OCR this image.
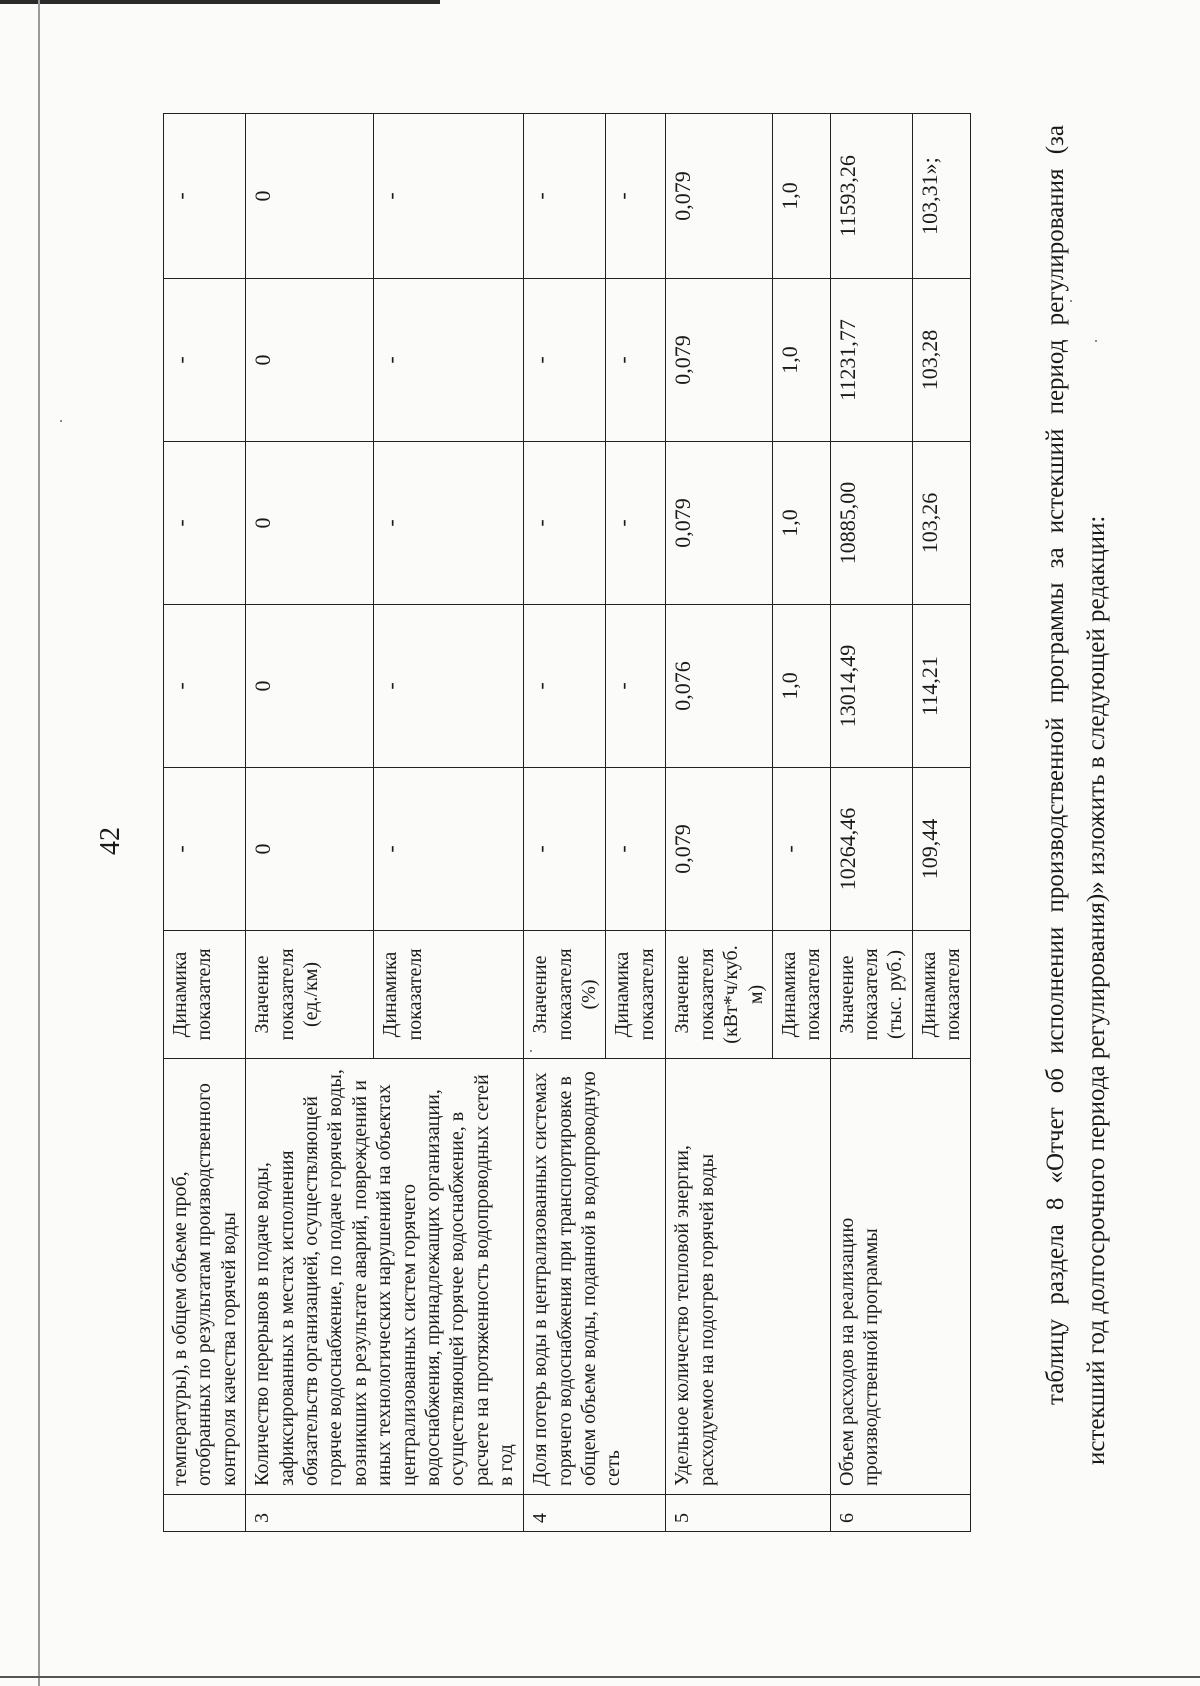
42
	температуры), в общем объеме проб, отобранных по результатам производственного контроля качества горячей воды	Динамика показателя	-	-	-	-	-
3	Количество перерывов в подаче воды, зафиксированных в местах исполнения обязательств организацией, осуществляющей горячее водоснабжение, по подаче горячей воды, возникших в результате аварий, повреждений и иных технологических нарушений на объектах централизованных систем горячего водоснабжения, принадлежащих организации, осуществляющей горячее водоснабжение, в расчете на протяженность водопроводных сетей в год	Значение показателя (ед./км)	0	0	0	0	0
		Динамика показателя	-	-	-	-	-
4	Доля потерь воды в централизованных системах горячего водоснабжения при транспортировке в общем объеме воды, поданной в водопроводную сеть	Значение показателя (%)	-	-	-	-	-
		Динамика показателя	-	-	-	-	-
5	Удельное количество тепловой энергии, расходуемое на подогрев горячей воды	Значение показателя (кВт*ч/куб. м)	0,079	0,076	0,079	0,079	0,079
		Динамика показателя	-	1,0	1,0	1,0	1,0
6	Объем расходов на реализацию производственной программы	Значение показателя (тыс. руб.)	10264,46	13014,49	10885,00	11231,77	11593,26
		Динамика показателя	109,44	114,21	103,26	103,28	103,31»;	таблицу раздела 8 «Отчет об исполнении производственной программы за истекший период регулирования (за истекший год долгосрочного периода регулирования)» изложить в следующей редакции:
